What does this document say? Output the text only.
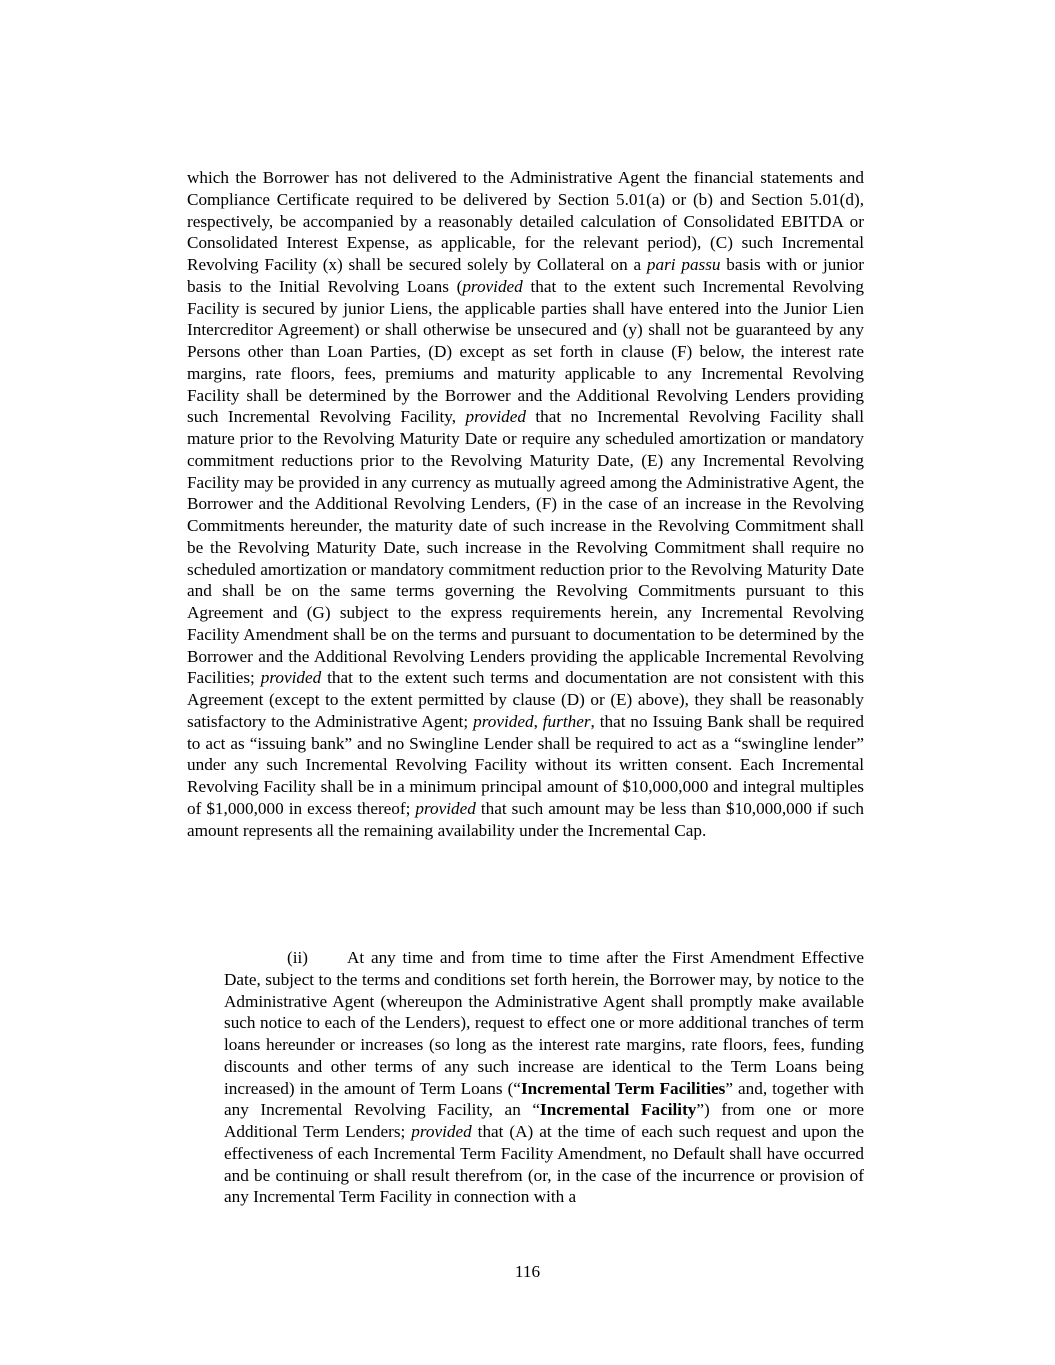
which the Borrower has not delivered to the Administrative Agent the financial statements and Compliance Certificate required to be delivered by Section 5.01(a) or (b) and Section 5.01(d), respectively, be accompanied by a reasonably detailed calculation of Consolidated EBITDA or Consolidated Interest Expense, as applicable, for the relevant period), (C) such Incremental Revolving Facility (x) shall be secured solely by Collateral on a pari passu basis with or junior basis to the Initial Revolving Loans (provided that to the extent such Incremental Revolving Facility is secured by junior Liens, the applicable parties shall have entered into the Junior Lien Intercreditor Agreement) or shall otherwise be unsecured and (y) shall not be guaranteed by any Persons other than Loan Parties, (D) except as set forth in clause (F) below, the interest rate margins, rate floors, fees, premiums and maturity applicable to any Incremental Revolving Facility shall be determined by the Borrower and the Additional Revolving Lenders providing such Incremental Revolving Facility, provided that no Incremental Revolving Facility shall mature prior to the Revolving Maturity Date or require any scheduled amortization or mandatory commitment reductions prior to the Revolving Maturity Date, (E) any Incremental Revolving Facility may be provided in any currency as mutually agreed among the Administrative Agent, the Borrower and the Additional Revolving Lenders, (F) in the case of an increase in the Revolving Commitments hereunder, the maturity date of such increase in the Revolving Commitment shall be the Revolving Maturity Date, such increase in the Revolving Commitment shall require no scheduled amortization or mandatory commitment reduction prior to the Revolving Maturity Date and shall be on the same terms governing the Revolving Commitments pursuant to this Agreement and (G) subject to the express requirements herein, any Incremental Revolving Facility Amendment shall be on the terms and pursuant to documentation to be determined by the Borrower and the Additional Revolving Lenders providing the applicable Incremental Revolving Facilities; provided that to the extent such terms and documentation are not consistent with this Agreement (except to the extent permitted by clause (D) or (E) above), they shall be reasonably satisfactory to the Administrative Agent; provided, further, that no Issuing Bank shall be required to act as “issuing bank” and no Swingline Lender shall be required to act as a “swingline lender” under any such Incremental Revolving Facility without its written consent. Each Incremental Revolving Facility shall be in a minimum principal amount of $10,000,000 and integral multiples of $1,000,000 in excess thereof; provided that such amount may be less than $10,000,000 if such amount represents all the remaining availability under the Incremental Cap.

(ii) At any time and from time to time after the First Amendment Effective Date, subject to the terms and conditions set forth herein, the Borrower may, by notice to the Administrative Agent (whereupon the Administrative Agent shall promptly make available such notice to each of the Lenders), request to effect one or more additional tranches of term loans hereunder or increases (so long as the interest rate margins, rate floors, fees, funding discounts and other terms of any such increase are identical to the Term Loans being increased) in the amount of Term Loans (“Incremental Term Facilities” and, together with any Incremental Revolving Facility, an “Incremental Facility”) from one or more Additional Term Lenders; provided that (A) at the time of each such request and upon the effectiveness of each Incremental Term Facility Amendment, no Default shall have occurred and be continuing or shall result therefrom (or, in the case of the incurrence or provision of any Incremental Term Facility in connection with a

116
